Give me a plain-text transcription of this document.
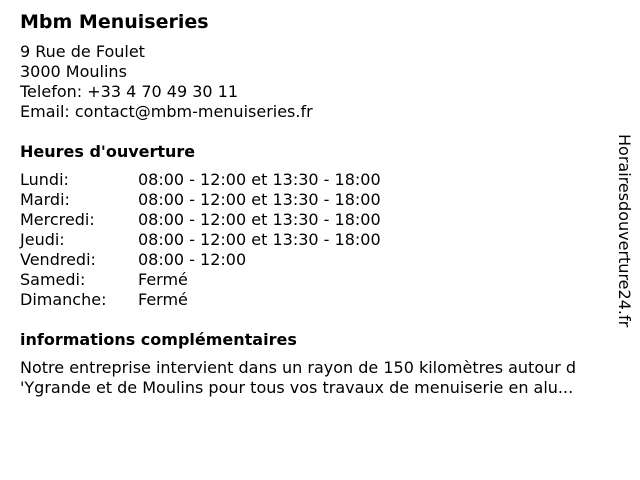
Mbm Menuiseries
9 Rue de Foulet
3000 Moulins
Telefon: +33 4 70 49 30 11
Email: contact@mbm-menuiseries.fr
Heures d'ouverture
Lundi:	08:00 - 12:00 et 13:30 - 18:00
Mardi:	08:00 - 12:00 et 13:30 - 18:00
Mercredi:	08:00 - 12:00 et 13:30 - 18:00
Jeudi:	08:00 - 12:00 et 13:30 - 18:00
Vendredi:	08:00 - 12:00
Samedi:	Fermé
Dimanche:	Fermé
informations complémentaires
Notre entreprise intervient dans un rayon de 150 kilomètres autour d
'Ygrande et de Moulins pour tous vos travaux de menuiserie en alu...
Horairesdouverture24.fr
